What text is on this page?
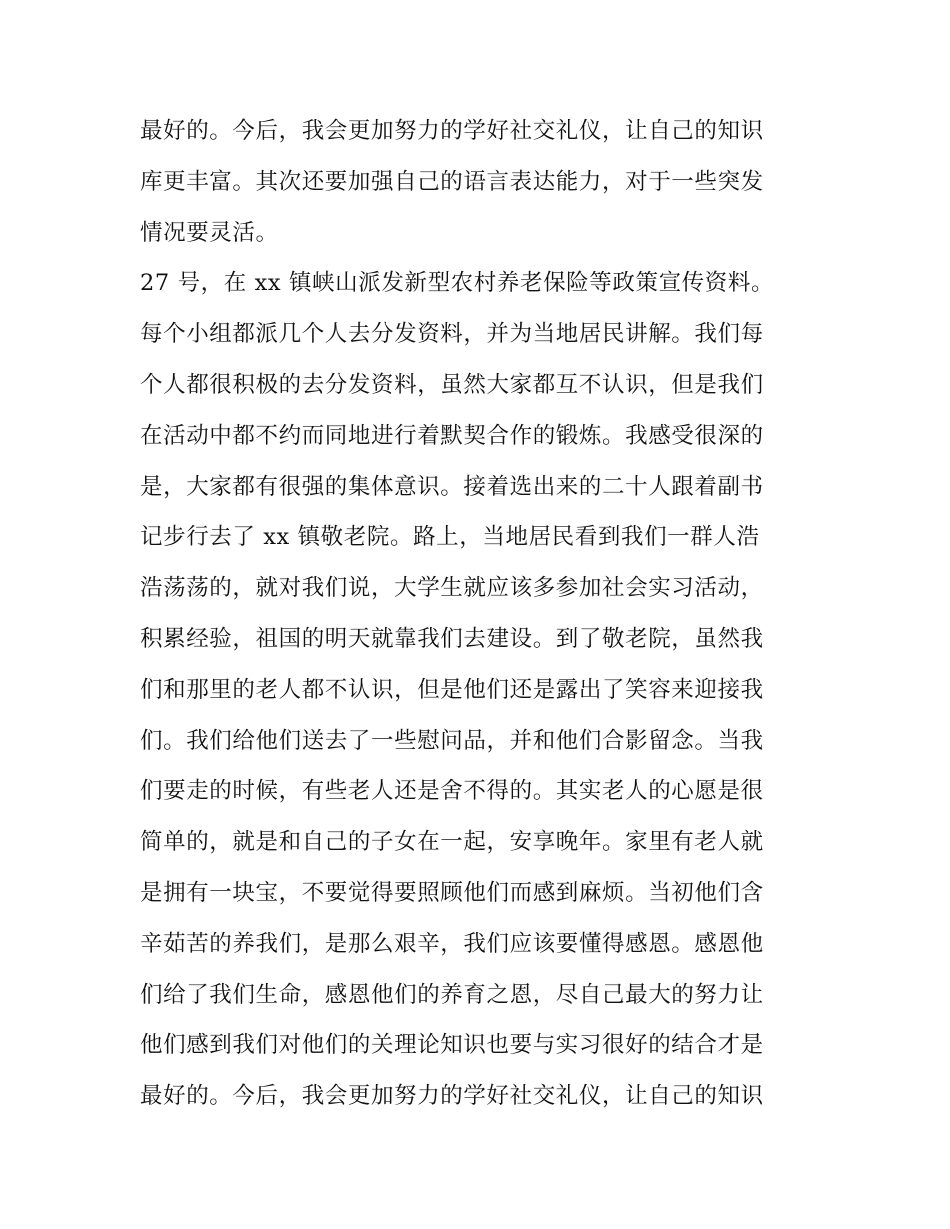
最好的。今后，我会更加努力的学好社交礼仪，让自己的知识
库更丰富。其次还要加强自己的语言表达能力，对于一些突发
情况要灵活。
27 号，在 xx 镇峡山派发新型农村养老保险等政策宣传资料。
每个小组都派几个人去分发资料，并为当地居民讲解。我们每
个人都很积极的去分发资料，虽然大家都互不认识，但是我们
在活动中都不约而同地进行着默契合作的锻炼。我感受很深的
是，大家都有很强的集体意识。接着选出来的二十人跟着副书
记步行去了 xx 镇敬老院。路上，当地居民看到我们一群人浩
浩荡荡的，就对我们说，大学生就应该多参加社会实习活动，
积累经验，祖国的明天就靠我们去建设。到了敬老院，虽然我
们和那里的老人都不认识，但是他们还是露出了笑容来迎接我
们。我们给他们送去了一些慰问品，并和他们合影留念。当我
们要走的时候，有些老人还是舍不得的。其实老人的心愿是很
简单的，就是和自己的子女在一起，安享晚年。家里有老人就
是拥有一块宝，不要觉得要照顾他们而感到麻烦。当初他们含
辛茹苦的养我们，是那么艰辛，我们应该要懂得感恩。感恩他
们给了我们生命，感恩他们的养育之恩，尽自己最大的努力让
他们感到我们对他们的关理论知识也要与实习很好的结合才是
最好的。今后，我会更加努力的学好社交礼仪，让自己的知识
